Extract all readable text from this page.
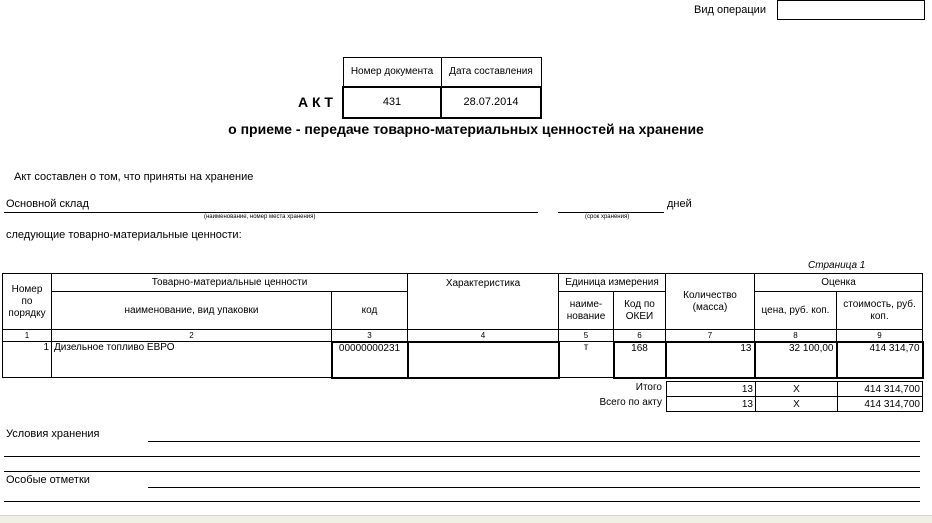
Вид операции
Номер документа	Дата составления
431	28.07.2014
А К Т
о приеме - передаче товарно-материальных ценностей на хранение
Акт составлен о том, что приняты на хранение
Основной склад
(наименование, номер места хранения)	(срок хранения)
дней
следующие товарно-материальные ценности:
Страница 1
Номер по порядку	Товарно-материальные ценности		Характеристика	Единица измерения		Количество (масса)	Оценка	
	наименование, вид упаковки	код		наиме- нование	Код по ОКЕИ		цена, руб. коп.	стоимость, руб. коп.
1	2	3	4	5	6	7	8	9
1	Дизельное топливо ЕВРО	00000000231		т	168	13	32 100,00	414 314,70
Итого
Всего по акту
13	Х	414 314,700
13	Х	414 314,700
Условия хранения
Особые отметки
